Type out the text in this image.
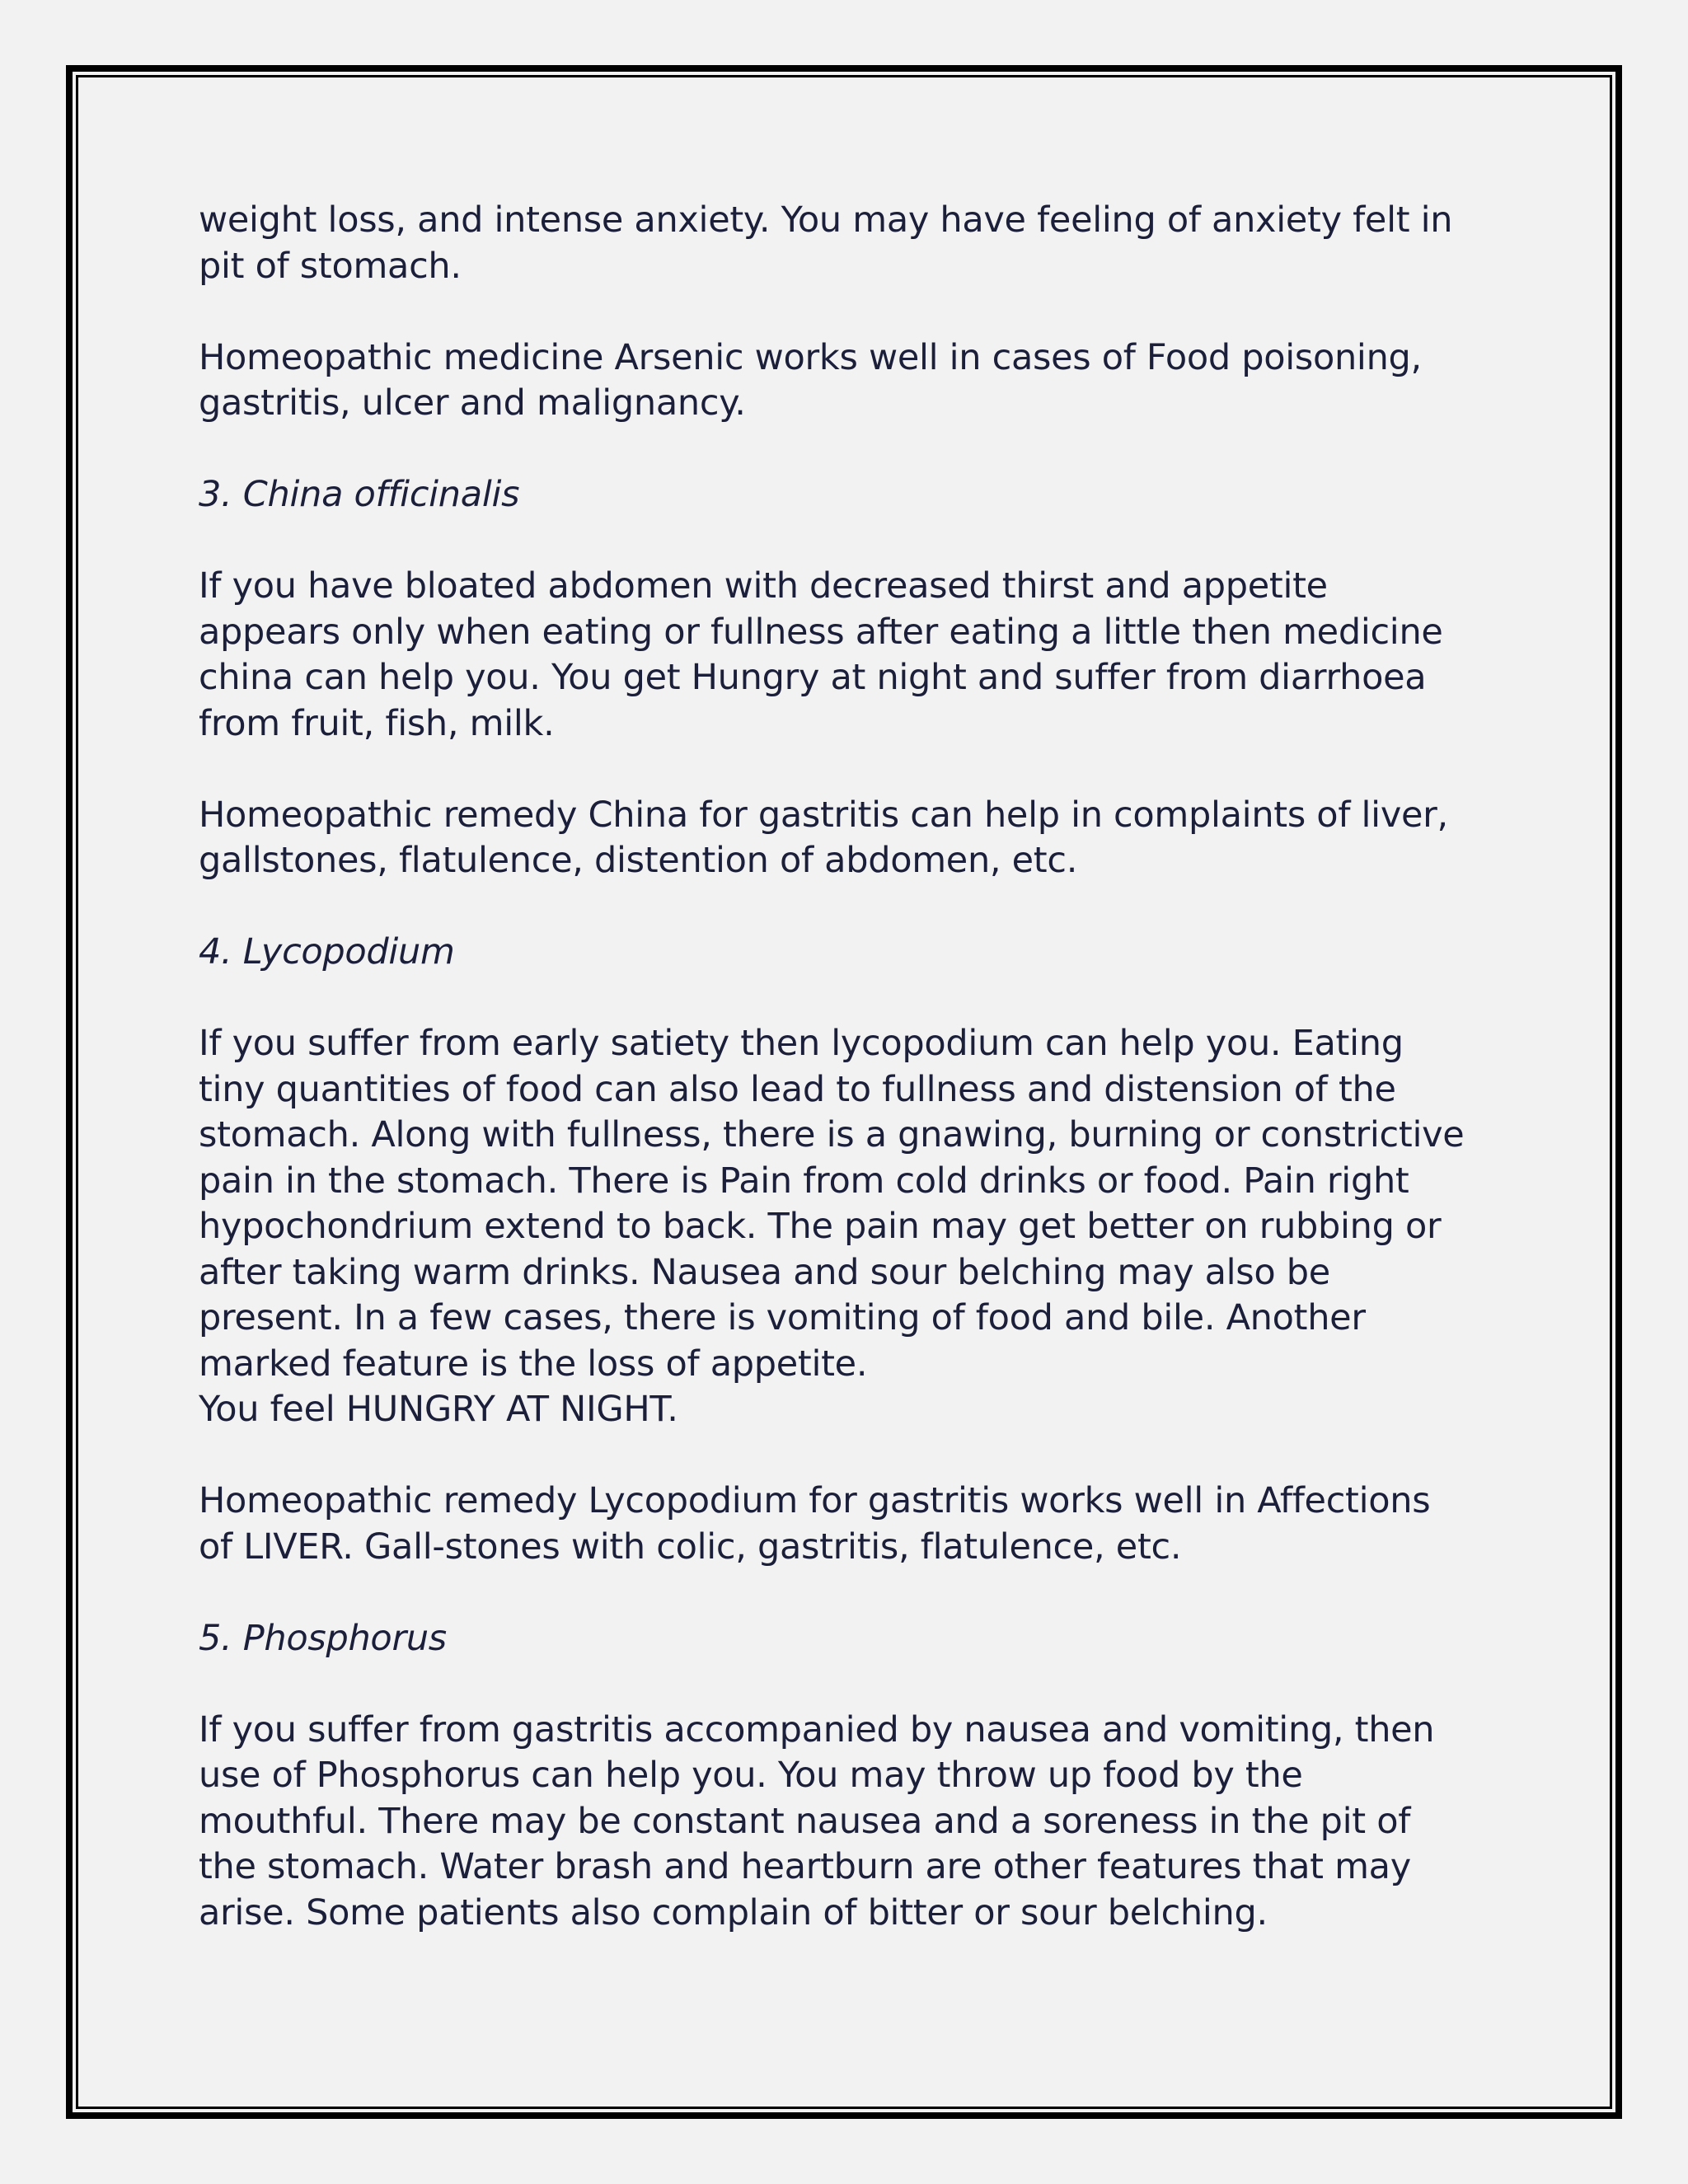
weight loss, and intense anxiety. You may have feeling of anxiety felt in
pit of stomach.

Homeopathic medicine Arsenic works well in cases of Food poisoning,
gastritis, ulcer and malignancy.

3. China officinalis

If you have bloated abdomen with decreased thirst and appetite
appears only when eating or fullness after eating a little then medicine
china can help you. You get Hungry at night and suffer from diarrhoea
from fruit, fish, milk.

Homeopathic remedy China for gastritis can help in complaints of liver,
gallstones, flatulence, distention of abdomen, etc.

4. Lycopodium

If you suffer from early satiety then lycopodium can help you. Eating
tiny quantities of food can also lead to fullness and distension of the
stomach. Along with fullness, there is a gnawing, burning or constrictive
pain in the stomach. There is Pain from cold drinks or food. Pain right
hypochondrium extend to back. The pain may get better on rubbing or
after taking warm drinks. Nausea and sour belching may also be
present. In a few cases, there is vomiting of food and bile. Another
marked feature is the loss of appetite.
You feel HUNGRY AT NIGHT.

Homeopathic remedy Lycopodium for gastritis works well in Affections
of LIVER. Gall-stones with colic, gastritis, flatulence, etc.

5. Phosphorus

If you suffer from gastritis accompanied by nausea and vomiting, then
use of Phosphorus can help you. You may throw up food by the
mouthful. There may be constant nausea and a soreness in the pit of
the stomach. Water brash and heartburn are other features that may
arise. Some patients also complain of bitter or sour belching.
